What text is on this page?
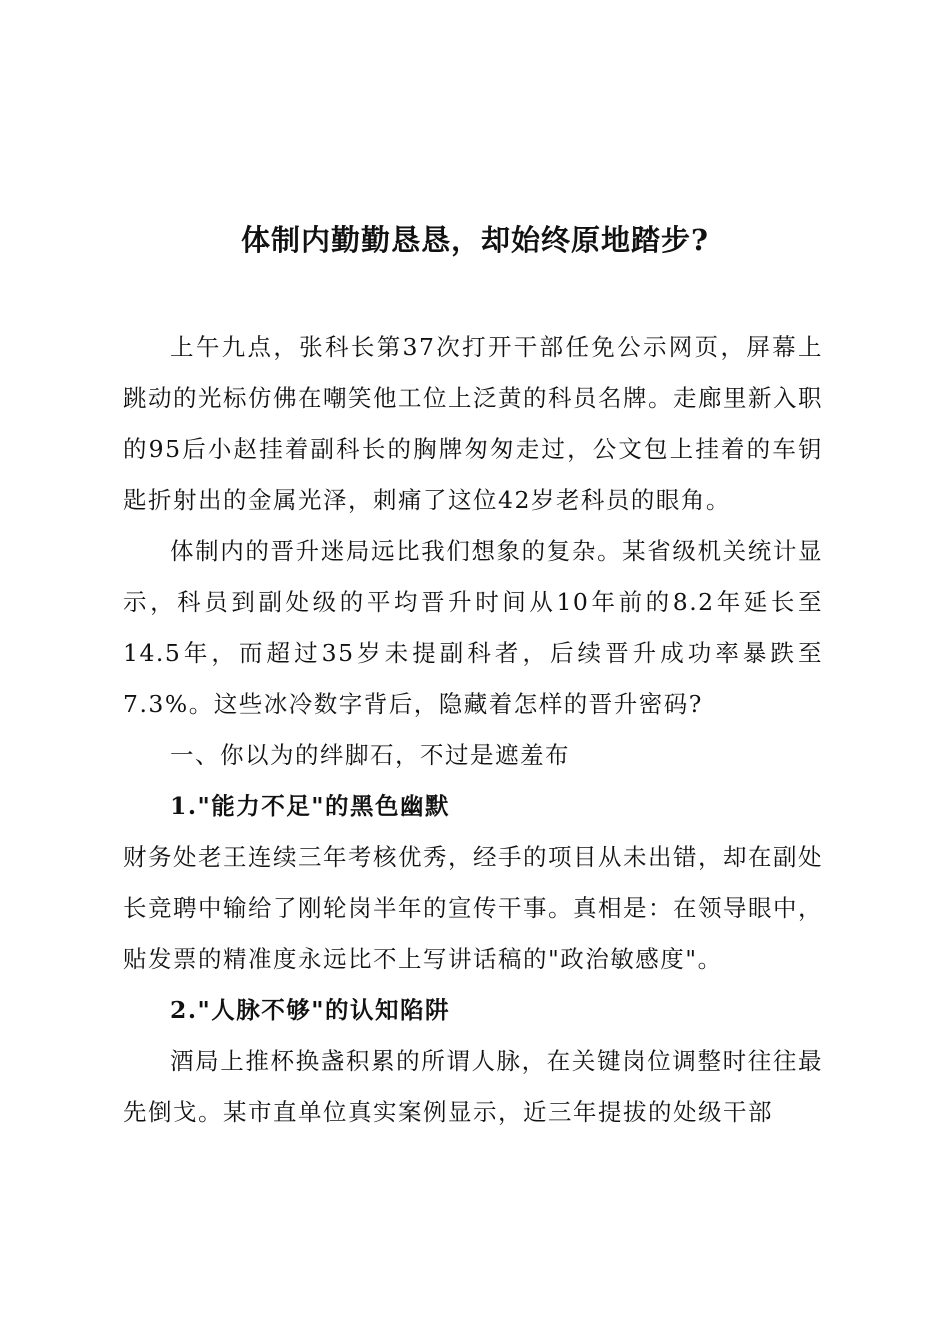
体制内勤勤恳恳，却始终原地踏步?

上午九点，张科长第37次打开干部任免公示网页，屏幕上跳动的光标仿佛在嘲笑他工位上泛黄的科员名牌。走廊里新入职的95后小赵挂着副科长的胸牌匆匆走过，公文包上挂着的车钥匙折射出的金属光泽，刺痛了这位42岁老科员的眼角。

体制内的晋升迷局远比我们想象的复杂。某省级机关统计显示，科员到副处级的平均晋升时间从10年前的8.2年延长至14.5年，而超过35岁未提副科者，后续晋升成功率暴跌至7.3%。这些冰冷数字背后，隐藏着怎样的晋升密码?

一、你以为的绊脚石，不过是遮羞布

1."能力不足"的黑色幽默

财务处老王连续三年考核优秀，经手的项目从未出错，却在副处长竞聘中输给了刚轮岗半年的宣传干事。真相是：在领导眼中，贴发票的精准度永远比不上写讲话稿的"政治敏感度"。

2."人脉不够"的认知陷阱

酒局上推杯换盏积累的所谓人脉，在关键岗位调整时往往最先倒戈。某市直单位真实案例显示，近三年提拔的处级干部
